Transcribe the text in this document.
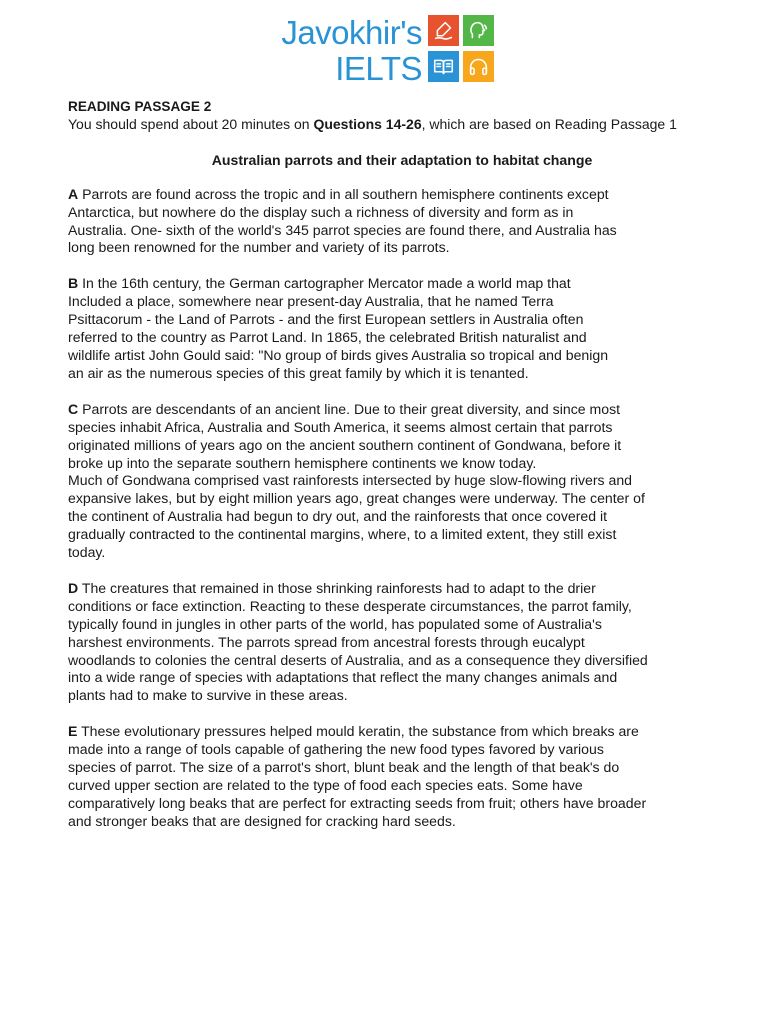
Javokhir's
IELTS

READING PASSAGE 2

You should spend about 20 minutes on Questions 14-26, which are based on Reading Passage 1

Australian parrots and their adaptation to habitat change

A Parrots are found across the tropic and in all southern hemisphere continents except
Antarctica, but nowhere do the display such a richness of diversity and form as in
Australia. One- sixth of the world's 345 parrot species are found there, and Australia has
long been renowned for the number and variety of its parrots.

B In the 16th century, the German cartographer Mercator made a world map that
Included a place, somewhere near present-day Australia, that he named Terra
Psittacorum - the Land of Parrots - and the first European settlers in Australia often
referred to the country as Parrot Land. In 1865, the celebrated British naturalist and
wildlife artist John Gould said: "No group of birds gives Australia so tropical and benign
an air as the numerous species of this great family by which it is tenanted.

C Parrots are descendants of an ancient line. Due to their great diversity, and since most
species inhabit Africa, Australia and South America, it seems almost certain that parrots
originated millions of years ago on the ancient southern continent of Gondwana, before it
broke up into the separate southern hemisphere continents we know today.
Much of Gondwana comprised vast rainforests intersected by huge slow-flowing rivers and
expansive lakes, but by eight million years ago, great changes were underway. The center of
the continent of Australia had begun to dry out, and the rainforests that once covered it
gradually contracted to the continental margins, where, to a limited extent, they still exist
today.

D The creatures that remained in those shrinking rainforests had to adapt to the drier
conditions or face extinction. Reacting to these desperate circumstances, the parrot family,
typically found in jungles in other parts of the world, has populated some of Australia's
harshest environments. The parrots spread from ancestral forests through eucalypt
woodlands to colonies the central deserts of Australia, and as a consequence they diversified
into a wide range of species with adaptations that reflect the many changes animals and
plants had to make to survive in these areas.

E These evolutionary pressures helped mould keratin, the substance from which breaks are
made into a range of tools capable of gathering the new food types favored by various
species of parrot. The size of a parrot's short, blunt beak and the length of that beak's do
curved upper section are related to the type of food each species eats. Some have
comparatively long beaks that are perfect for extracting seeds from fruit; others have broader
and stronger beaks that are designed for cracking hard seeds.
